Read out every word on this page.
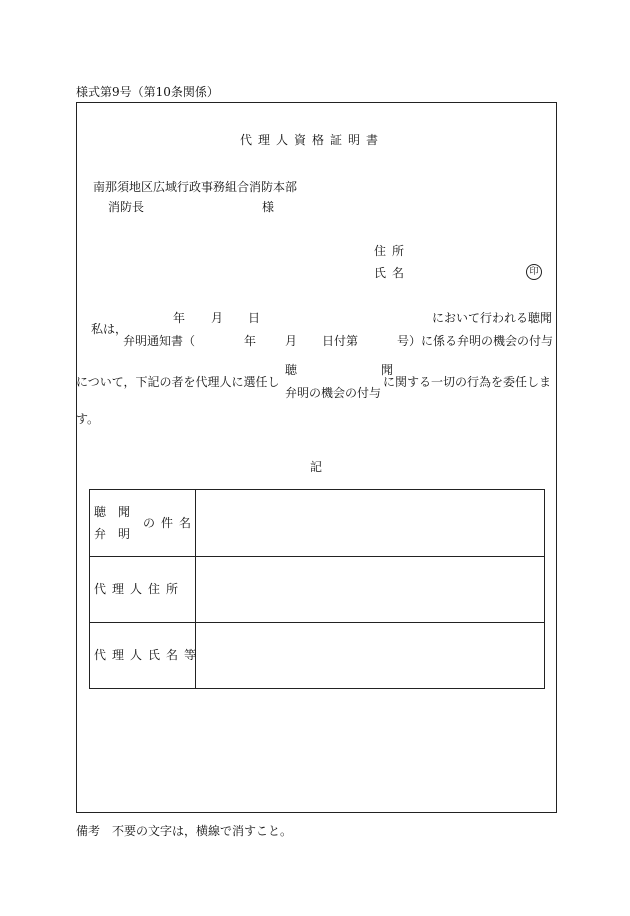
様式第9号（第10条関係）
代理人資格証明書
南那須地区広域行政事務組合消防本部
消防長	様
住所
氏名	印
私は，
年 月 日	において行われる聴聞
弁明通知書（	年 月 日付第	号）に係る弁明の機会の付与
について，下記の者を代理人に選任し
聴　　　　　　　聞
弁明の機会の付与
に関する一切の行為を委任しま
す。
記
聴　聞
弁　明
の件名
代理人住所
代理人氏名等
備考　不要の文字は，横線で消すこと。
